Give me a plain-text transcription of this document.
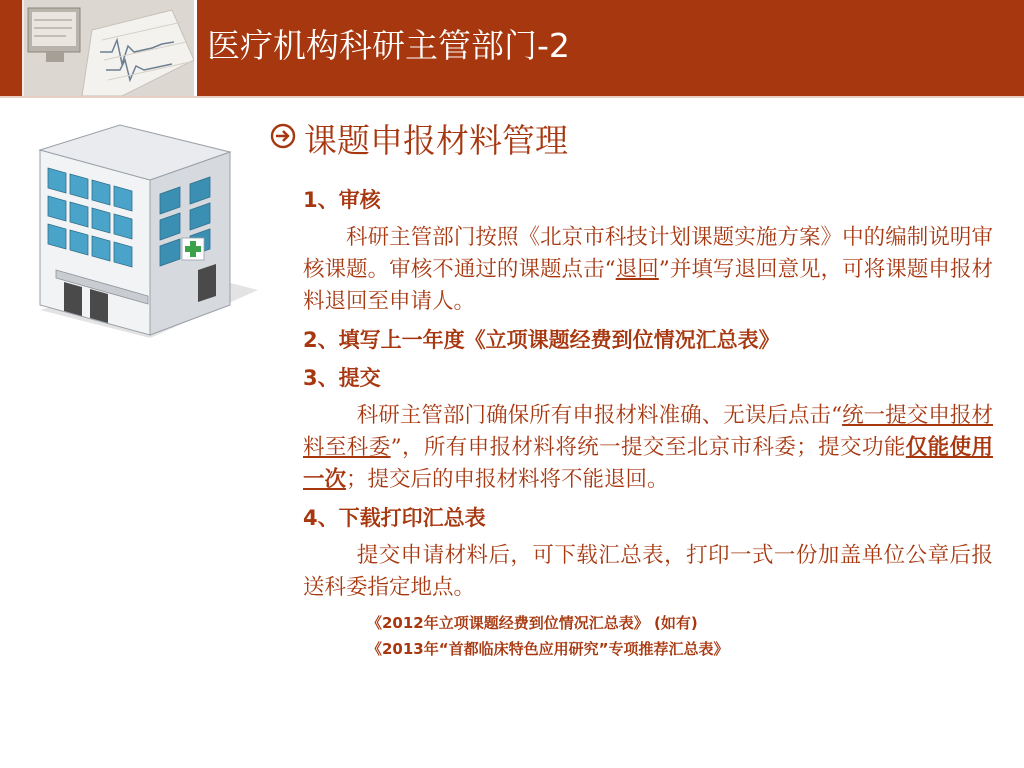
医疗机构科研主管部门-2
课题申报材料管理

1、审核

科研主管部门按照《北京市科技计划课题实施方案》中的编制说明审核课题。审核不通过的课题点击“退回”并填写退回意见，可将课题申报材料退回至申请人。

2、填写上一年度《立项课题经费到位情况汇总表》

3、提交

科研主管部门确保所有申报材料准确、无误后点击“统一提交申报材料至科委”，所有申报材料将统一提交至北京市科委；提交功能仅能使用一次；提交后的申报材料将不能退回。

4、下载打印汇总表

提交申请材料后，可下载汇总表，打印一式一份加盖单位公章后报送科委指定地点。

《2012年立项课题经费到位情况汇总表》 (如有)

《2013年“首都临床特色应用研究”专项推荐汇总表》
